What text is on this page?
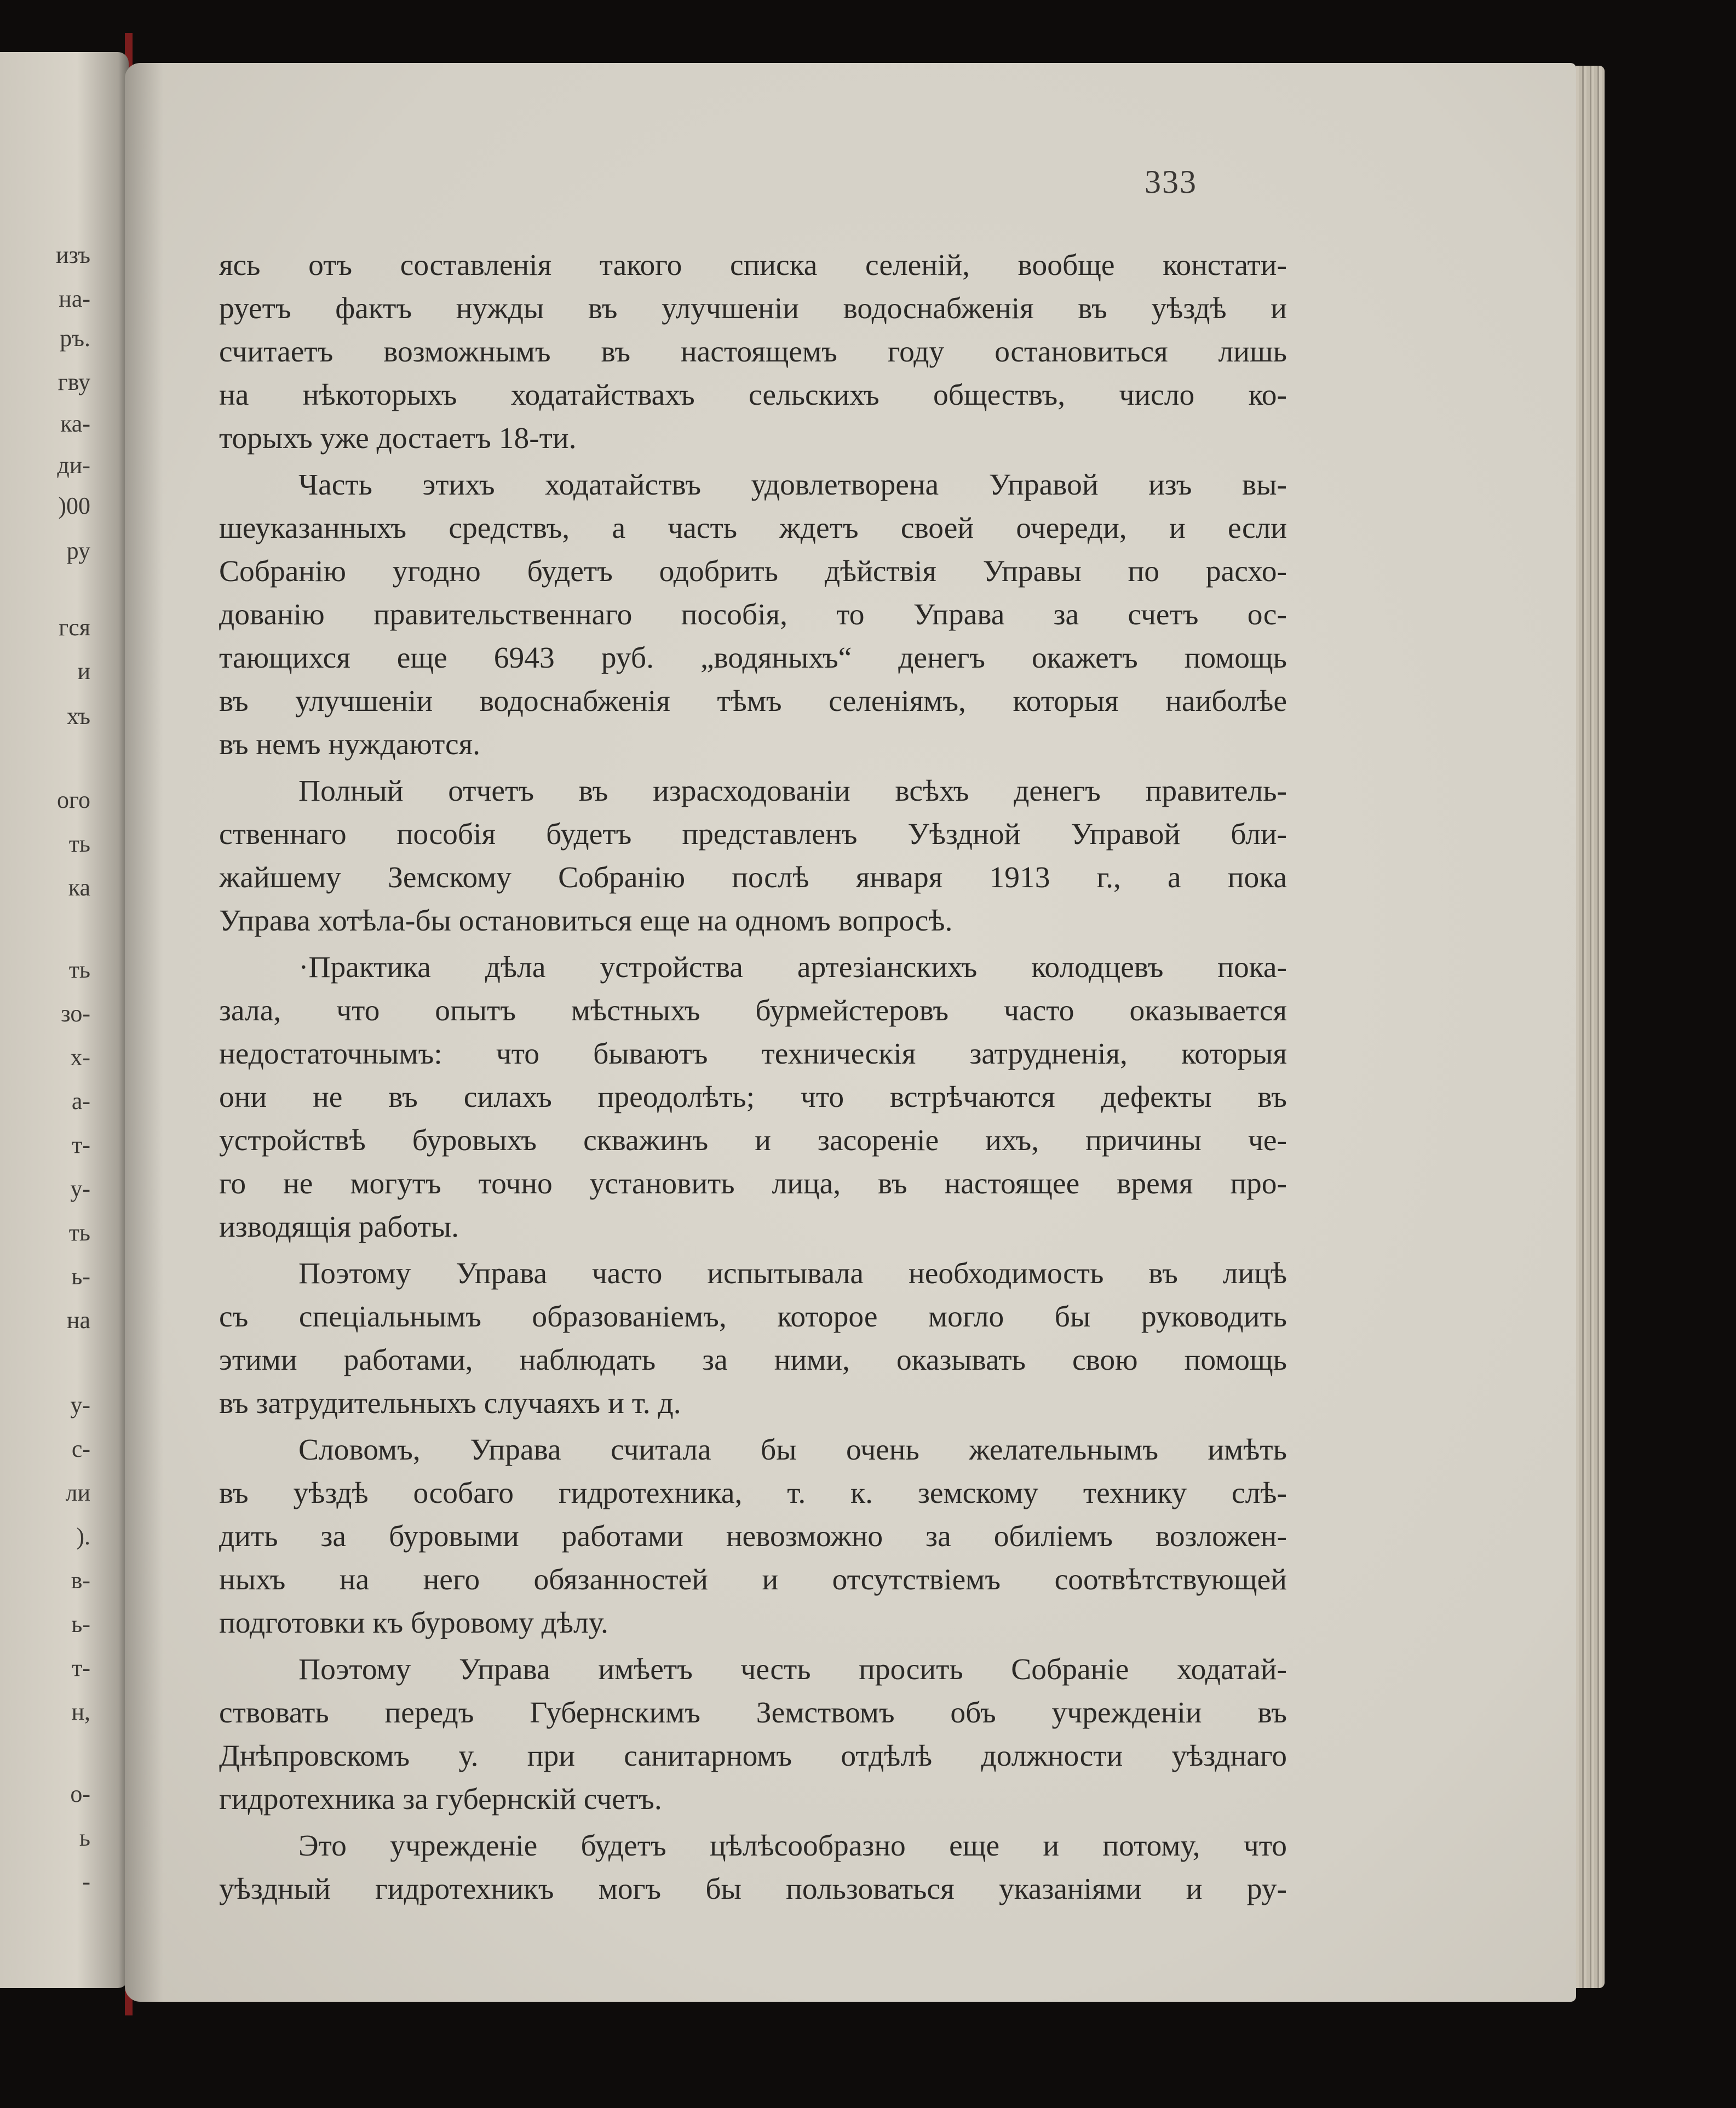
изъ

на-

ръ.

гву

ка-

ди-

)00

ру

гся

и

хъ

ого

ть

ка

ть

зо-

х-

а-

т-

у-

ть

ь-

на

у-

с-

ли

).

в-

ь-

т-

н,

о-

ь

-

333

ясь отъ составленія такого списка селеній, вообще констати-
руетъ фактъ нужды въ улучшеніи водоснабженія въ уѣздѣ и
считаетъ возможнымъ въ настоящемъ году остановиться лишь
на нѣкоторыхъ ходатайствахъ сельскихъ обществъ, число ко-
торыхъ уже достаетъ 18-ти.
Часть этихъ ходатайствъ удовлетворена Управой изъ вы-
шеуказанныхъ средствъ, а часть ждетъ своей очереди, и если
Собранію угодно будетъ одобрить дѣйствія Управы по расхо-
дованію правительственнаго пособія, то Управа за счетъ ос-
тающихся еще 6943 руб. „водяныхъ“ денегъ окажетъ помощь
въ улучшеніи водоснабженія тѣмъ селеніямъ, которыя наиболѣе
въ немъ нуждаются.
Полный отчетъ въ израсходованіи всѣхъ денегъ правитель-
ственнаго пособія будетъ представленъ Уѣздной Управой бли-
жайшему Земскому Собранію послѣ января 1913 г., а пока
Управа хотѣла-бы остановиться еще на одномъ вопросѣ.
·Практика дѣла устройства артезіанскихъ колодцевъ пока-
зала, что опытъ мѣстныхъ бурмейстеровъ часто оказывается
недостаточнымъ: что бываютъ техническія затрудненія, которыя
они не въ силахъ преодолѣть; что встрѣчаются дефекты въ
устройствѣ буровыхъ скважинъ и засореніе ихъ, причины че-
го не могутъ точно установить лица, въ настоящее время про-
изводящія работы.
Поэтому Управа часто испытывала необходимость въ лицѣ
съ спеціальнымъ образованіемъ, которое могло бы руководить
этими работами, наблюдать за ними, оказывать свою помощь
въ затрудительныхъ случаяхъ и т. д.
Словомъ, Управа считала бы очень желательнымъ имѣть
въ уѣздѣ особаго гидротехника, т. к. земскому технику слѣ-
дить за буровыми работами невозможно за обиліемъ возложен-
ныхъ на него обязанностей и отсутствіемъ соотвѣтствующей
подготовки къ буровому дѣлу.
Поэтому Управа имѣетъ честь просить Собраніе ходатай-
ствовать передъ Губернскимъ Земствомъ объ учрежденіи въ
Днѣпровскомъ у. при санитарномъ отдѣлѣ должности уѣзднаго
гидротехника за губернскій счетъ.
Это учрежденіе будетъ цѣлѣсообразно еще и потому, что
уѣздный гидротехникъ могъ бы пользоваться указаніями и ру-
